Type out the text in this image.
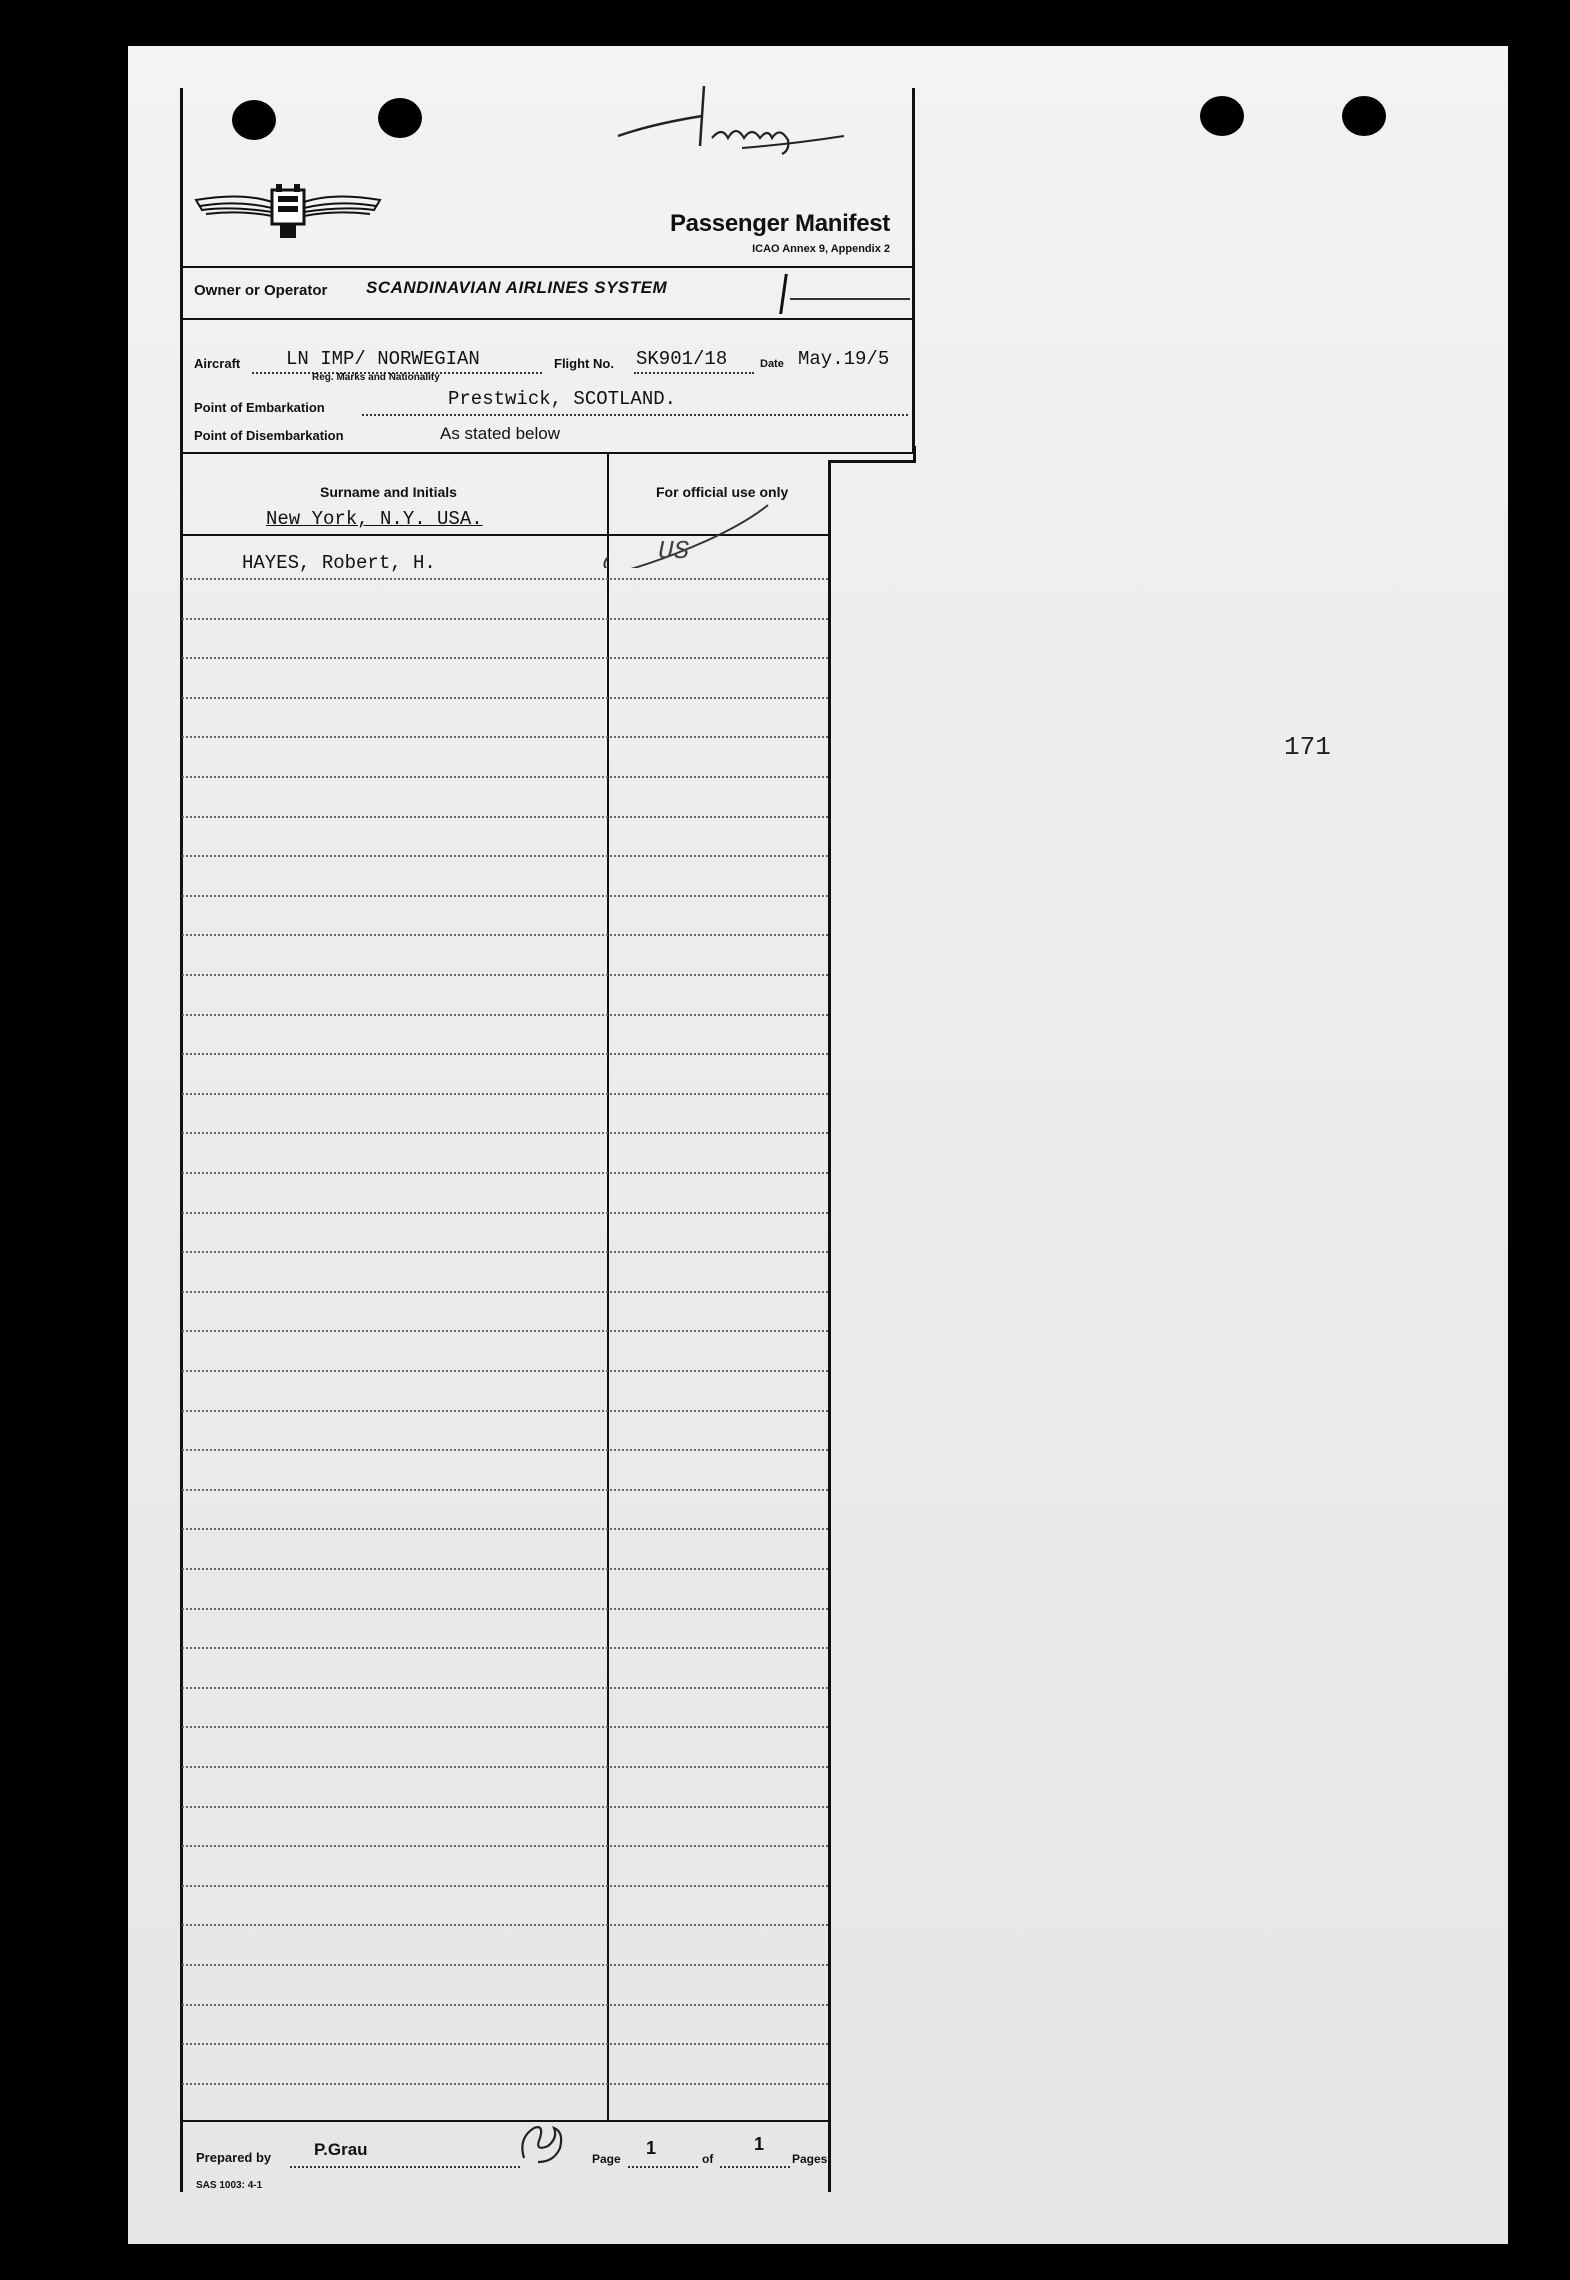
Passenger Manifest
ICAO Annex 9, Appendix 2
Owner or Operator SCANDINAVIAN AIRLINES SYSTEM
Aircraft LN IMP/ NORWEGIAN
Reg. Marks and Nationality
Flight No. SK901/18	Date May.19/5
Point of Embarkation	Prestwick, SCOTLAND.
Point of Disembarkation	As stated below
Surname and Initials	For official use only
New York, N.Y. USA.
HAYES, Robert, H.	US
Prepared by	P.Grau	Page
1
of
1
Pages
SAS 1003: 4-1
171
